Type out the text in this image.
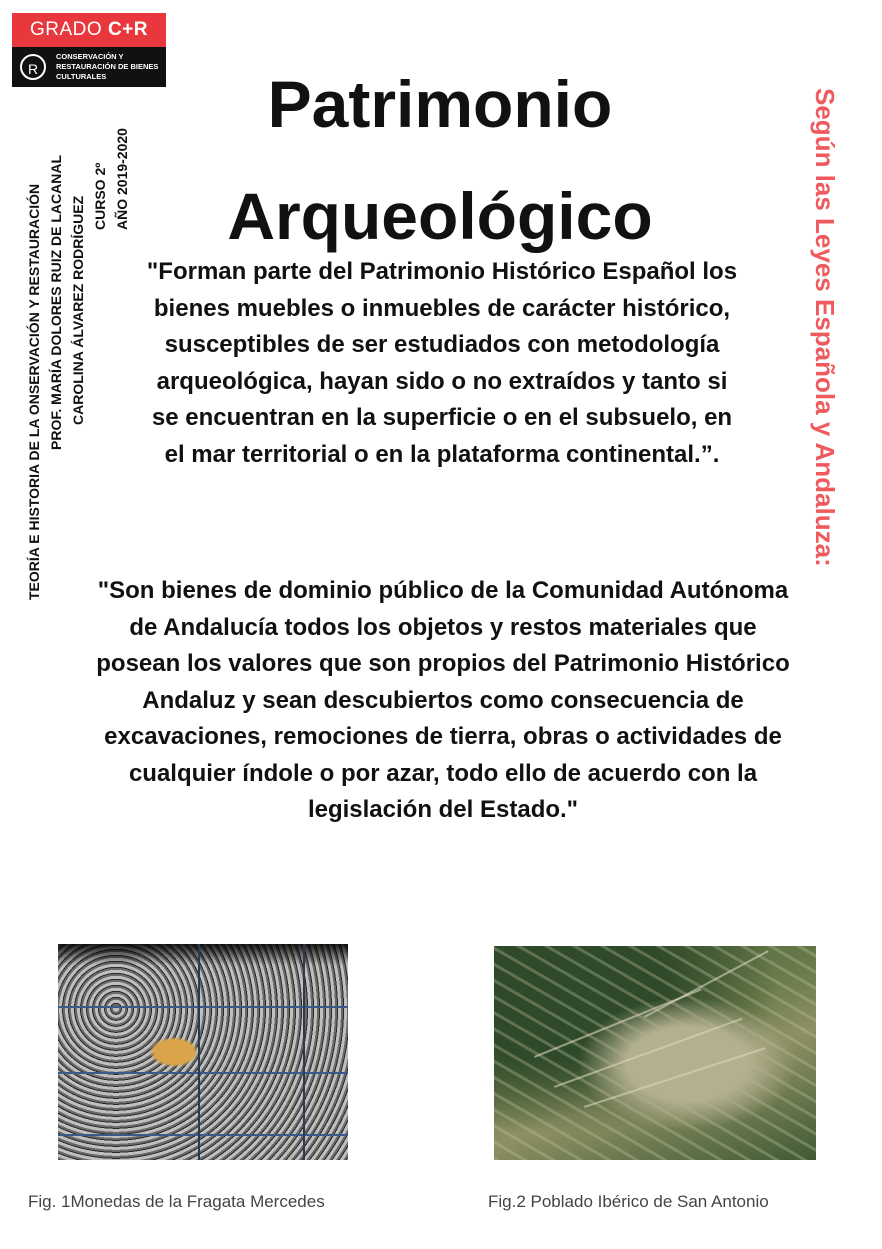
GRADO C+R
R
CONSERVACIÓN Y RESTAURACIÓN DE BIENES CULTURALES
TEORÍA E HISTORIA DE LA ONSERVACIÓN Y RESTAURACIÓN PROF. MARÍA DOLORES RUIZ DE LACANAL CAROLINA ÁLVAREZ RODRÍGUEZ CURSO 2º AÑO 2019-2020
Patrimonio Arqueológico	Según las Leyes Española y Andaluza:

"Forman parte del Patrimonio Histórico Español los bienes muebles o inmuebles de carácter histórico, susceptibles de ser estudiados con metodología arqueológica, hayan sido o no extraídos y tanto si se encuentran en la superficie o en el subsuelo, en el mar territorial o en la plataforma continental.”.

"Son bienes de dominio público de la Comunidad Autónoma de Andalucía todos los objetos y restos materiales que posean los valores que son propios del Patrimonio Histórico Andaluz y sean descubiertos como consecuencia de excavaciones, remociones de tierra, obras o actividades de cualquier índole o por azar, todo ello de acuerdo con la legislación del Estado."

Fig. 1Monedas de la Fragata Mercedes	Fig.2 Poblado Ibérico de San Antonio
